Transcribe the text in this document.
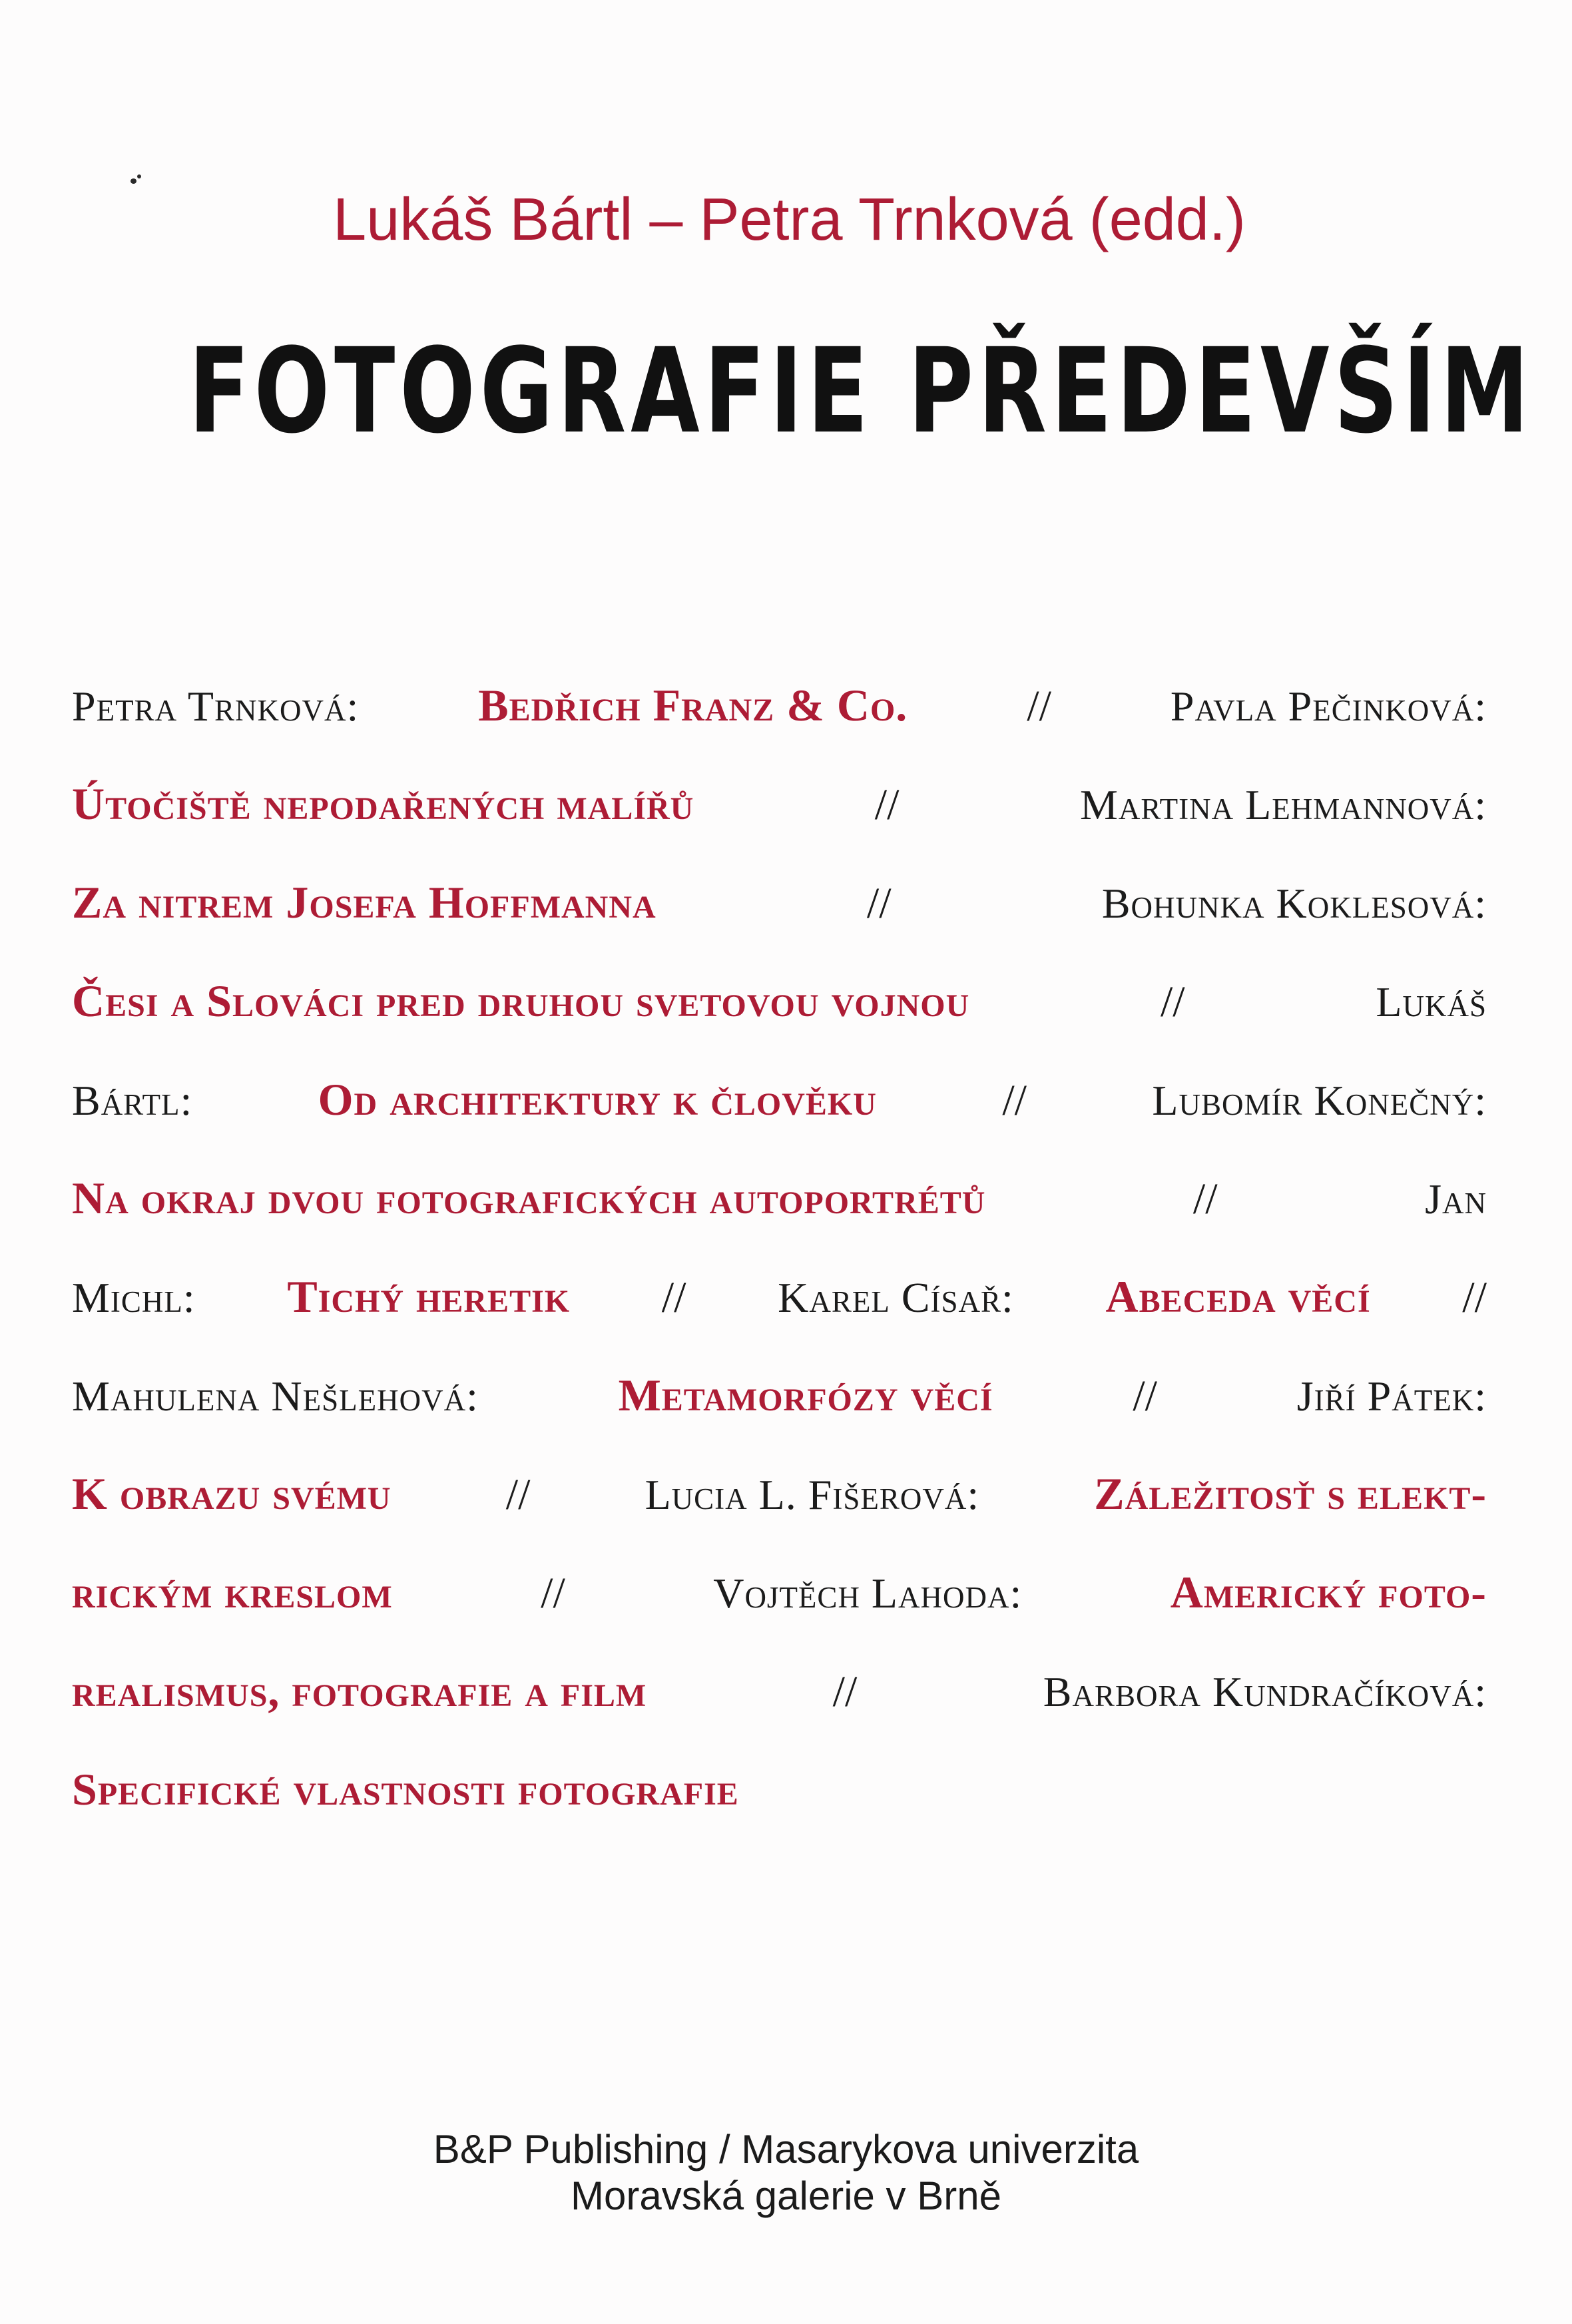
Lukáš Bártl – Petra Trnková (edd.)
FOTOGRAFIE PŘEDEVŠÍM
Petra Trnková:	Bedřich Franz & Co.	//	Pavla Pečinková:
Útočiště nepodařených malířů	//	Martina Lehmannová:
Za nitrem Josefa Hoffmanna	//	Bohunka Koklesová:
Česi a Slováci pred druhou svetovou vojnou	//	Lukáš
Bártl:	Od architektury k člověku	//	Lubomír Konečný:
Na okraj dvou fotografických autoportrétů	//	Jan
Michl: Tichý heretik // Karel Císař: Abeceda věcí //
Mahulena Nešlehová:	Metamorfózy věcí	//	Jiří Pátek:
K obrazu svému	//	Lucia L. Fišerová:	Záležitosť s elekt-
rickým kreslom	//	Vojtěch Lahoda:	Americký foto-
realismus, fotografie a film	//	Barbora Kundračíková:
Specifické vlastnosti fotografie
B&P Publishing / Masarykova univerzita
Moravská galerie v Brně
